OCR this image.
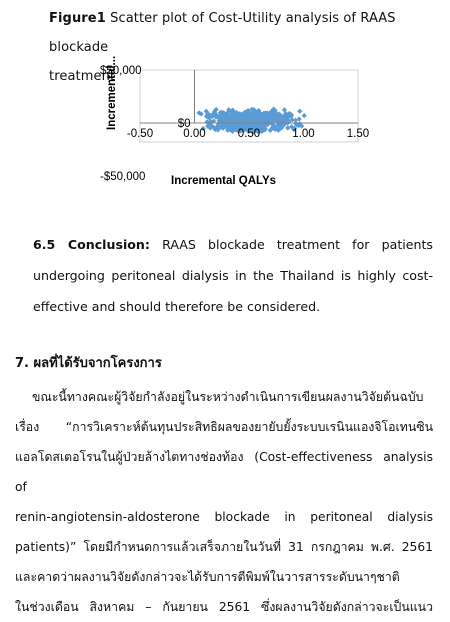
Figure1 Scatter plot of Cost-Utility analysis of RAAS blockade
treatment
-0.50	0.00	0.50	1.00	1.50
$50,000
$0
-$50,000 Incremental QALYs
Incremental...
6.5 Conclusion: RAAS blockade treatment for patients
undergoing peritoneal dialysis in the Thailand is highly cost-
effective and should therefore be considered.
7. ผลที่ได้รับจากโครงการ
ขณะนี้ทางคณะผู้วิจัยกำลังอยู่ในระหว่างดำเนินการเขียนผลงานวิจัยต้นฉบับ
เรื่อง “การวิเคราะห์ต้นทุนประสิทธิผลของยายับยั้งระบบเรนินแองจิโอเทนซิน
แอลโดสเตอโรนในผู้ป่วยล้างไตทางช่องท้อง (Cost-effectiveness analysis of
renin-angiotensin-aldosterone blockade in peritoneal dialysis
patients)” โดยมีกำหนดการแล้วเสร็จภายในวันที่ 31 กรกฎาคม พ.ศ. 2561
และคาดว่าผลงานวิจัยดังกล่าวจะได้รับการตีพิมพ์ในวารสารระดับนาๆชาติ
ในช่วงเดือน สิงหาคม – กันยายน 2561 ซึ่งผลงานวิจัยดังกล่าวจะเป็นแนว
